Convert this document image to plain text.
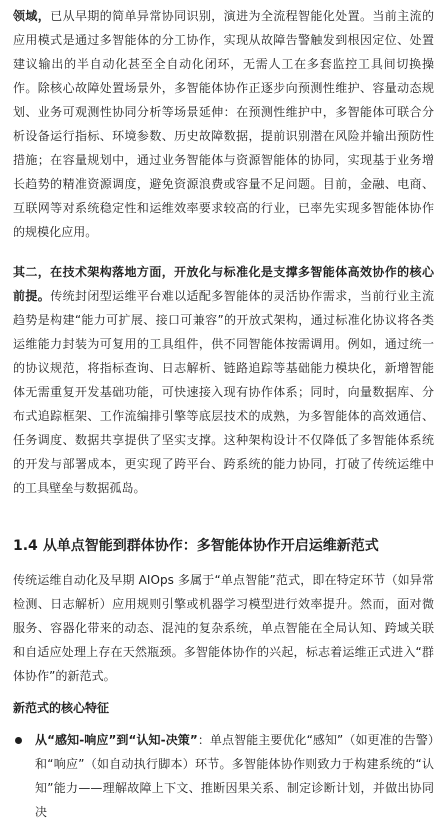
领域，已从早期的简单异常协同识别，演进为全流程智能化处置。当前主流的应用模式是通过多智能体的分工协作，实现从故障告警触发到根因定位、处置建议输出的半自动化甚至全自动化闭环，无需人工在多套监控工具间切换操作。除核心故障处置场景外，多智能体协作正逐步向预测性维护、容量动态规划、业务可观测性协同分析等场景延伸：在预测性维护中，多智能体可联合分析设备运行指标、环境参数、历史故障数据，提前识别潜在风险并输出预防性措施；在容量规划中，通过业务智能体与资源智能体的协同，实现基于业务增长趋势的精准资源调度，避免资源浪费或容量不足问题。目前，金融、电商、互联网等对系统稳定性和运维效率要求较高的行业，已率先实现多智能体协作的规模化应用。

其二，在技术架构落地方面，开放化与标准化是支撑多智能体高效协作的核心前提。传统封闭型运维平台难以适配多智能体的灵活协作需求，当前行业主流趋势是构建“能力可扩展、接口可兼容”的开放式架构，通过标准化协议将各类运维能力封装为可复用的工具组件，供不同智能体按需调用。例如，通过统一的协议规范，将指标查询、日志解析、链路追踪等基础能力模块化，新增智能体无需重复开发基础功能，可快速接入现有协作体系；同时，向量数据库、分布式追踪框架、工作流编排引擎等底层技术的成熟，为多智能体的高效通信、任务调度、数据共享提供了坚实支撑。这种架构设计不仅降低了多智能体系统的开发与部署成本，更实现了跨平台、跨系统的能力协同，打破了传统运维中的工具壁垒与数据孤岛。

1.4 从单点智能到群体协作：多智能体协作开启运维新范式

传统运维自动化及早期 AIOps 多属于“单点智能”范式，即在特定环节（如异常检测、日志解析）应用规则引擎或机器学习模型进行效率提升。然而，面对微服务、容器化带来的动态、混沌的复杂系统，单点智能在全局认知、跨域关联和自适应处理上存在天然瓶颈。多智能体协作的兴起，标志着运维正式进入“群体协作”的新范式。

新范式的核心特征

从“感知-响应”到“认知-决策”：单点智能主要优化“感知”（如更准的告警）和“响应”（如自动执行脚本）环节。多智能体协作则致力于构建系统的“认知”能力——理解故障上下文、推断因果关系、制定诊断计划，并做出协同决
